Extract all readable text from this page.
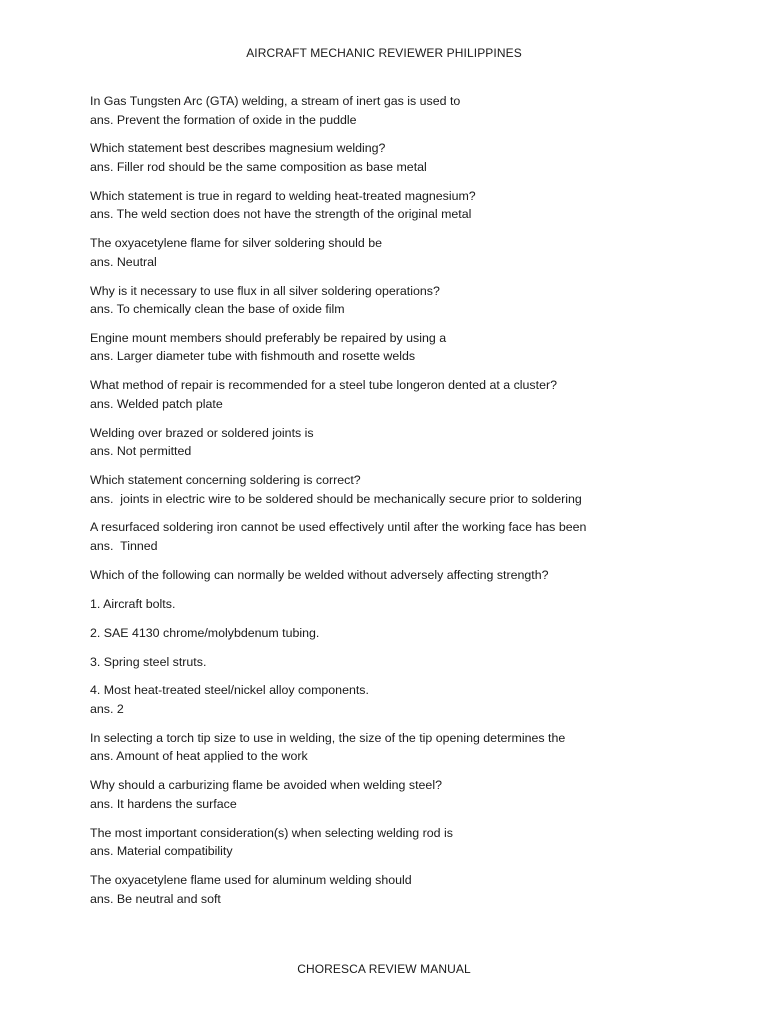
AIRCRAFT MECHANIC REVIEWER PHILIPPINES
In Gas Tungsten Arc (GTA) welding, a stream of inert gas is used to
ans. Prevent the formation of oxide in the puddle
Which statement best describes magnesium welding?
ans. Filler rod should be the same composition as base metal
Which statement is true in regard to welding heat-treated magnesium?
ans. The weld section does not have the strength of the original metal
The oxyacetylene flame for silver soldering should be
ans. Neutral
Why is it necessary to use flux in all silver soldering operations?
ans. To chemically clean the base of oxide film
Engine mount members should preferably be repaired by using a
ans. Larger diameter tube with fishmouth and rosette welds
What method of repair is recommended for a steel tube longeron dented at a cluster?
ans. Welded patch plate
Welding over brazed or soldered joints is
ans. Not permitted
Which statement concerning soldering is correct?
ans.  joints in electric wire to be soldered should be mechanically secure prior to soldering
A resurfaced soldering iron cannot be used effectively until after the working face has been
ans.  Tinned
Which of the following can normally be welded without adversely affecting strength?
1. Aircraft bolts.
2. SAE 4130 chrome/molybdenum tubing.
3. Spring steel struts.
4. Most heat-treated steel/nickel alloy components.
ans. 2
In selecting a torch tip size to use in welding, the size of the tip opening determines the
ans. Amount of heat applied to the work
Why should a carburizing flame be avoided when welding steel?
ans. It hardens the surface
The most important consideration(s) when selecting welding rod is
ans. Material compatibility
The oxyacetylene flame used for aluminum welding should
ans. Be neutral and soft
CHORESCA REVIEW MANUAL
